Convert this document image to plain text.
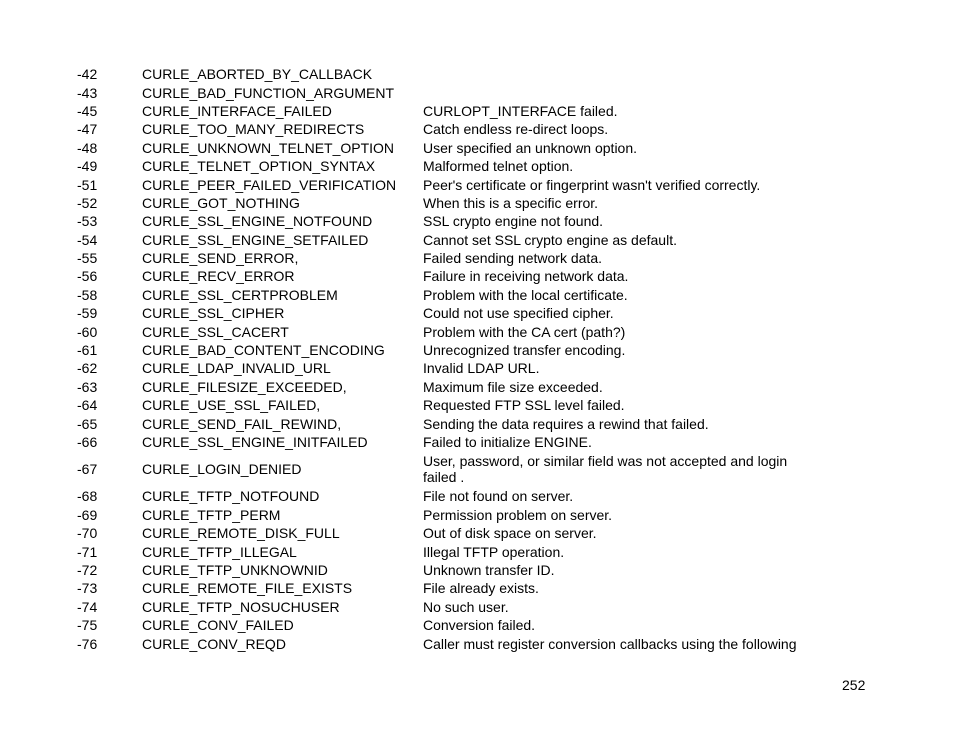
-42	CURLE_ABORTED_BY_CALLBACK
-43	CURLE_BAD_FUNCTION_ARGUMENT
-45	CURLE_INTERFACE_FAILED	CURLOPT_INTERFACE failed.
-47	CURLE_TOO_MANY_REDIRECTS	Catch endless re-direct loops.
-48	CURLE_UNKNOWN_TELNET_OPTION	User specified an unknown option.
-49	CURLE_TELNET_OPTION_SYNTAX	Malformed telnet option.
-51	CURLE_PEER_FAILED_VERIFICATION	Peer's certificate or fingerprint wasn't verified correctly.
-52	CURLE_GOT_NOTHING	When this is a specific error.
-53	CURLE_SSL_ENGINE_NOTFOUND	SSL crypto engine not found.
-54	CURLE_SSL_ENGINE_SETFAILED	Cannot set SSL crypto engine as default.
-55	CURLE_SEND_ERROR,	Failed sending network data.
-56	CURLE_RECV_ERROR	Failure in receiving network data.
-58	CURLE_SSL_CERTPROBLEM	Problem with the local certificate.
-59	CURLE_SSL_CIPHER	Could not use specified cipher.
-60	CURLE_SSL_CACERT	Problem with the CA cert (path?)
-61	CURLE_BAD_CONTENT_ENCODING	Unrecognized transfer encoding.
-62	CURLE_LDAP_INVALID_URL	Invalid LDAP URL.
-63	CURLE_FILESIZE_EXCEEDED,	Maximum file size exceeded.
-64	CURLE_USE_SSL_FAILED,	Requested FTP SSL level failed.
-65	CURLE_SEND_FAIL_REWIND,	Sending the data requires a rewind that failed.
-66	CURLE_SSL_ENGINE_INITFAILED	Failed to initialize ENGINE.
-67	CURLE_LOGIN_DENIED	User, password, or similar field was not accepted and login failed .
-68	CURLE_TFTP_NOTFOUND	File not found on server.
-69	CURLE_TFTP_PERM	Permission problem on server.
-70	CURLE_REMOTE_DISK_FULL	Out of disk space on server.
-71	CURLE_TFTP_ILLEGAL	Illegal TFTP operation.
-72	CURLE_TFTP_UNKNOWNID	Unknown transfer ID.
-73	CURLE_REMOTE_FILE_EXISTS	File already exists.
-74	CURLE_TFTP_NOSUCHUSER	No such user.
-75	CURLE_CONV_FAILED	Conversion failed.
-76	CURLE_CONV_REQD	Caller must register conversion callbacks using the following
252
